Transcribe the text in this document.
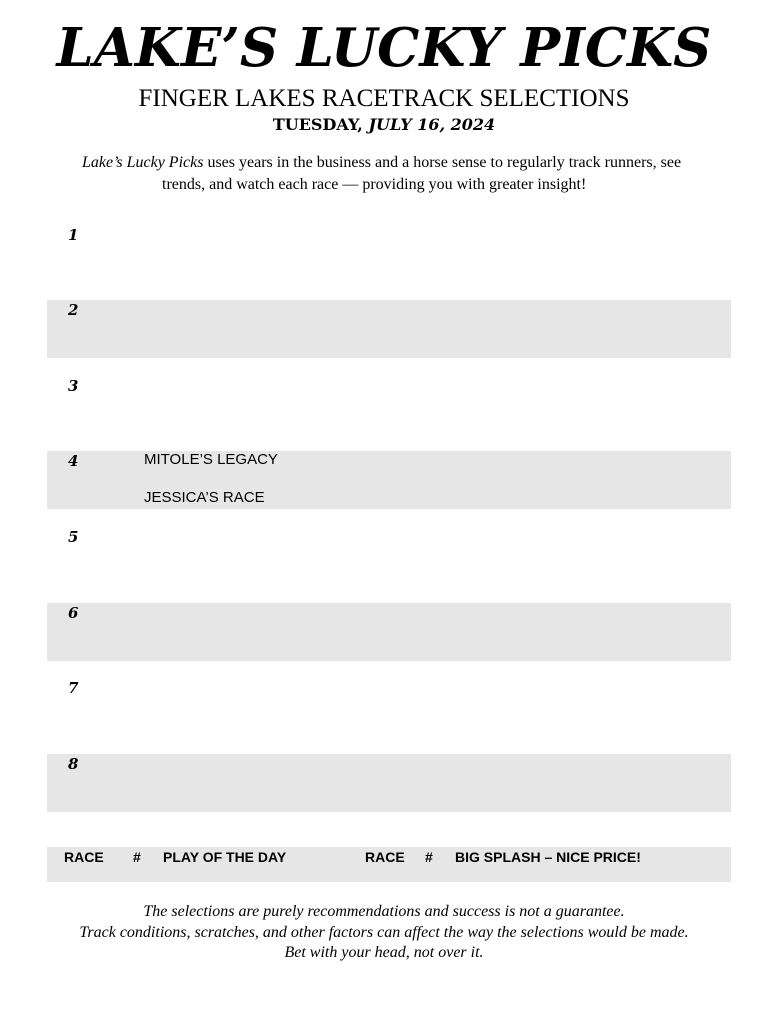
LAKE’S LUCKY PICKS
FINGER LAKES RACETRACK SELECTIONS
TUESDAY, JULY 16, 2024
Lake’s Lucky Picks uses years in the business and a horse sense to regularly track runners, see
trends, and watch each race — providing you with greater insight!
1
2
3
4	MITOLE’S LEGACY
JESSICA’S RACE
5
6
7
8
RACE # PLAY OF THE DAY	RACE # BIG SPLASH – NICE PRICE!
The selections are purely recommendations and success is not a guarantee.
Track conditions, scratches, and other factors can affect the way the selections would be made.
Bet with your head, not over it.
